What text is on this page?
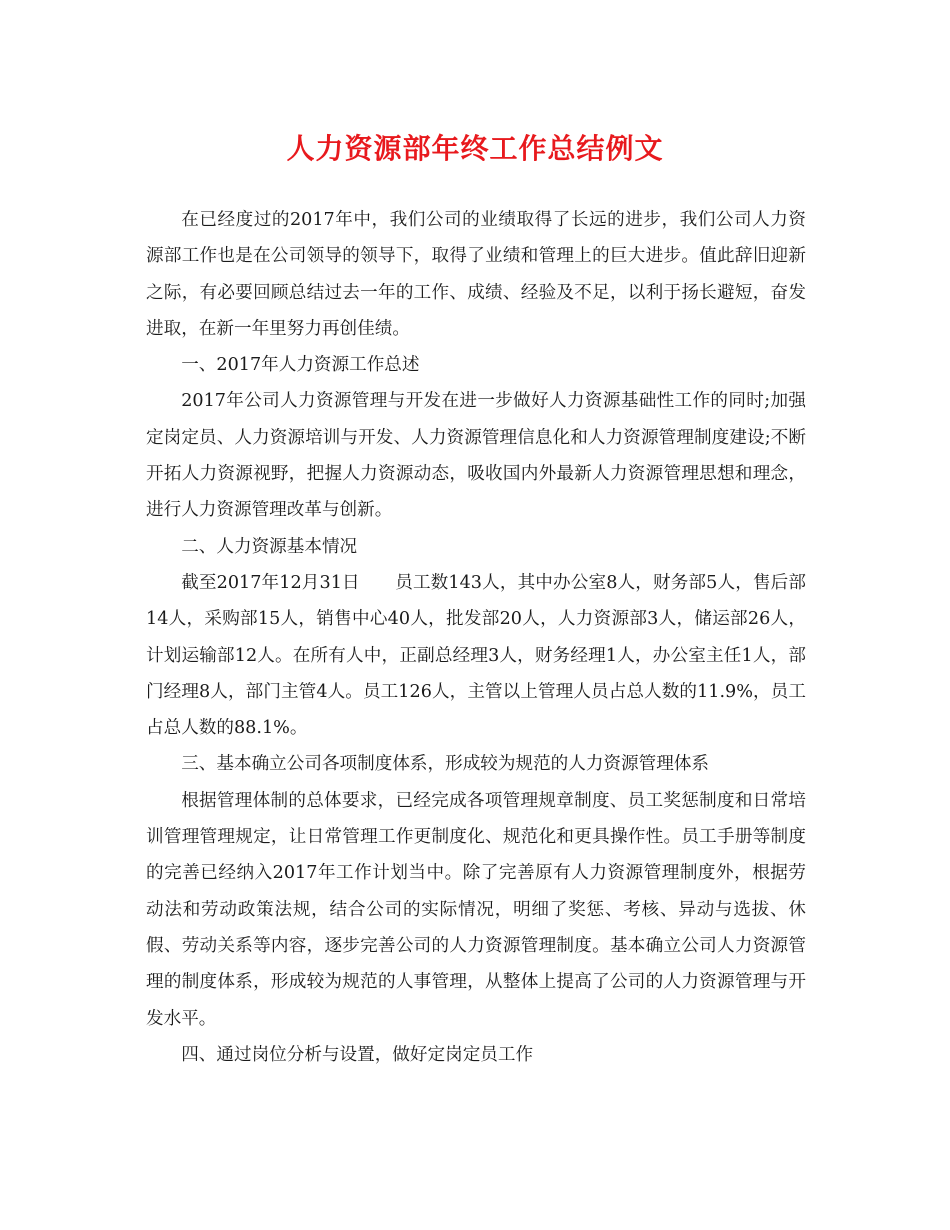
人力资源部年终工作总结例文

在已经度过的2017年中，我们公司的业绩取得了长远的进步，我们公司人力资源部工作也是在公司领导的领导下，取得了业绩和管理上的巨大进步。值此辞旧迎新之际，有必要回顾总结过去一年的工作、成绩、经验及不足，以利于扬长避短，奋发进取，在新一年里努力再创佳绩。

一、2017年人力资源工作总述

2017年公司人力资源管理与开发在进一步做好人力资源基础性工作的同时;加强定岗定员、人力资源培训与开发、人力资源管理信息化和人力资源管理制度建设;不断开拓人力资源视野，把握人力资源动态，吸收国内外最新人力资源管理思想和理念，进行人力资源管理改革与创新。

二、人力资源基本情况

截至2017年12月31日　　员工数143人，其中办公室8人，财务部5人，售后部14人，采购部15人，销售中心40人，批发部20人，人力资源部3人，储运部26人，计划运输部12人。在所有人中，正副总经理3人，财务经理1人，办公室主任1人，部门经理8人，部门主管4人。员工126人，主管以上管理人员占总人数的11.9%，员工占总人数的88.1%。

三、基本确立公司各项制度体系，形成较为规范的人力资源管理体系

根据管理体制的总体要求，已经完成各项管理规章制度、员工奖惩制度和日常培训管理管理规定，让日常管理工作更制度化、规范化和更具操作性。员工手册等制度的完善已经纳入2017年工作计划当中。除了完善原有人力资源管理制度外，根据劳动法和劳动政策法规，结合公司的实际情况，明细了奖惩、考核、异动与选拔、休假、劳动关系等内容，逐步完善公司的人力资源管理制度。基本确立公司人力资源管理的制度体系，形成较为规范的人事管理，从整体上提高了公司的人力资源管理与开发水平。

四、通过岗位分析与设置，做好定岗定员工作
